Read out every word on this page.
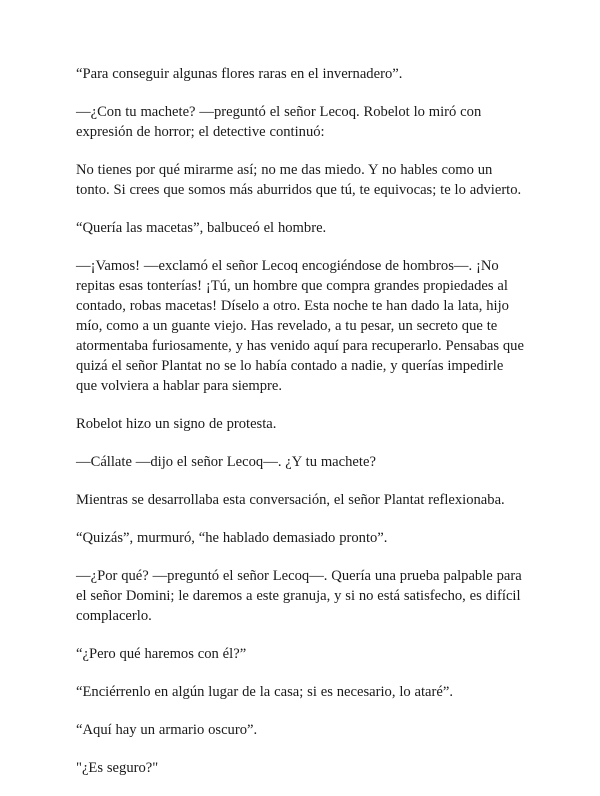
“Para conseguir algunas flores raras en el invernadero”.

—¿Con tu machete? —preguntó el señor Lecoq. Robelot lo miró con expresión de horror; el detective continuó:

No tienes por qué mirarme así; no me das miedo. Y no hables como un tonto. Si crees que somos más aburridos que tú, te equivocas; te lo advierto.

“Quería las macetas”, balbuceó el hombre.

—¡Vamos! —exclamó el señor Lecoq encogiéndose de hombros—. ¡No repitas esas tonterías! ¡Tú, un hombre que compra grandes propiedades al contado, robas macetas! Díselo a otro. Esta noche te han dado la lata, hijo mío, como a un guante viejo. Has revelado, a tu pesar, un secreto que te atormentaba furiosamente, y has venido aquí para recuperarlo. Pensabas que quizá el señor Plantat no se lo había contado a nadie, y querías impedirle que volviera a hablar para siempre.

Robelot hizo un signo de protesta.

—Cállate —dijo el señor Lecoq—. ¿Y tu machete?

Mientras se desarrollaba esta conversación, el señor Plantat reflexionaba.

“Quizás”, murmuró, “he hablado demasiado pronto”.

—¿Por qué? —preguntó el señor Lecoq—. Quería una prueba palpable para el señor Domini; le daremos a este granuja, y si no está satisfecho, es difícil complacerlo.

“¿Pero qué haremos con él?”

“Enciérrenlo en algún lugar de la casa; si es necesario, lo ataré”.

“Aquí hay un armario oscuro”.

"¿Es seguro?"
